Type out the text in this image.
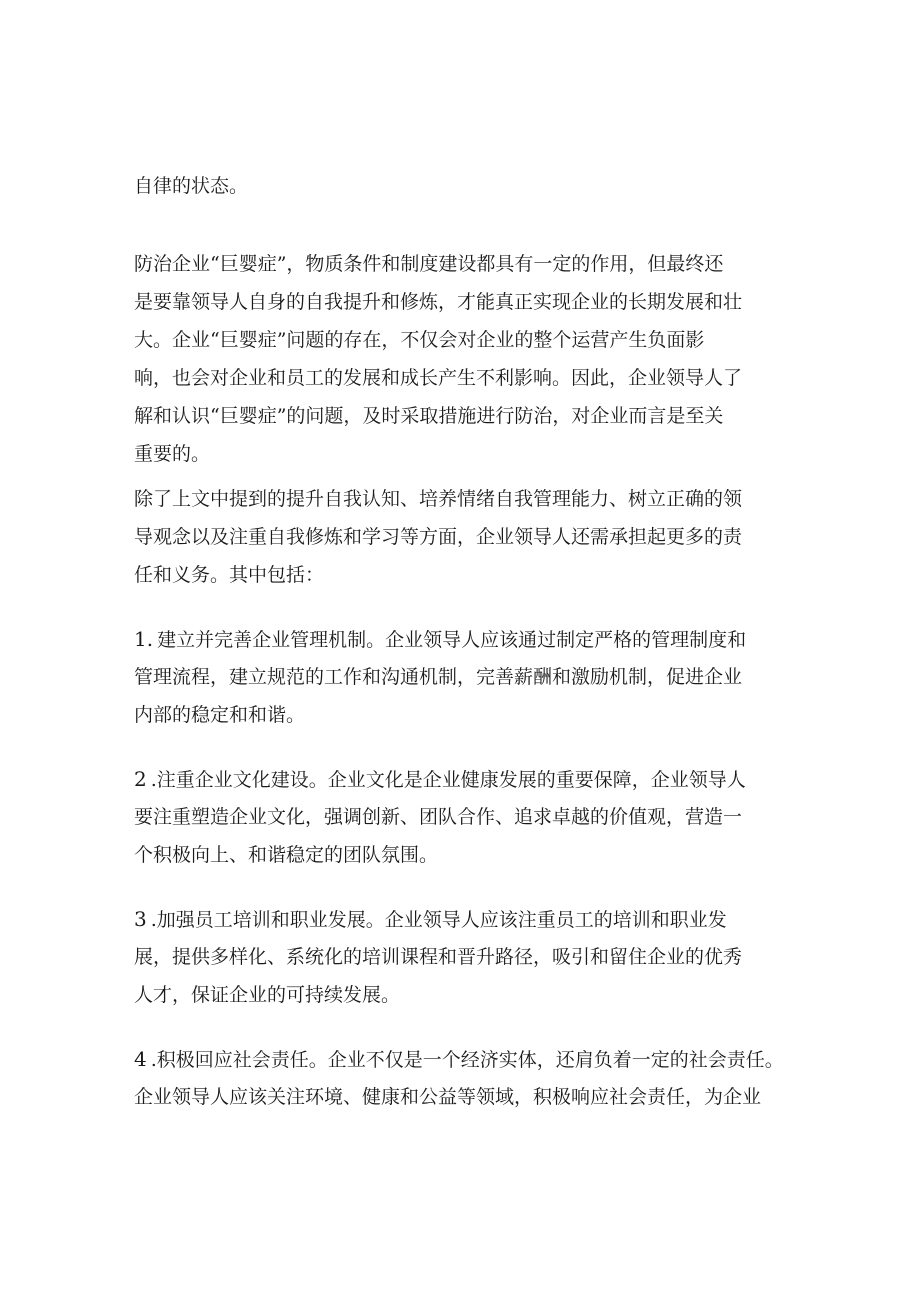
自律的状态。

防治企业“巨婴症”，物质条件和制度建设都具有一定的作用，但最终还
是要靠领导人自身的自我提升和修炼，才能真正实现企业的长期发展和壮
大。企业“巨婴症”问题的存在，不仅会对企业的整个运营产生负面影
响，也会对企业和员工的发展和成长产生不利影响。因此，企业领导人了
解和认识“巨婴症”的问题，及时采取措施进行防治，对企业而言是至关
重要的。

除了上文中提到的提升自我认知、培养情绪自我管理能力、树立正确的领
导观念以及注重自我修炼和学习等方面，企业领导人还需承担起更多的责
任和义务。其中包括：

1. 建立并完善企业管理机制。企业领导人应该通过制定严格的管理制度和
管理流程，建立规范的工作和沟通机制，完善薪酬和激励机制，促进企业
内部的稳定和和谐。

2 .注重企业文化建设。企业文化是企业健康发展的重要保障，企业领导人
要注重塑造企业文化，强调创新、团队合作、追求卓越的价值观，营造一
个积极向上、和谐稳定的团队氛围。

3 .加强员工培训和职业发展。企业领导人应该注重员工的培训和职业发
展，提供多样化、系统化的培训课程和晋升路径，吸引和留住企业的优秀
人才，保证企业的可持续发展。

4 .积极回应社会责任。企业不仅是一个经济实体，还肩负着一定的社会责任。
企业领导人应该关注环境、健康和公益等领域，积极响应社会责任，为企业
